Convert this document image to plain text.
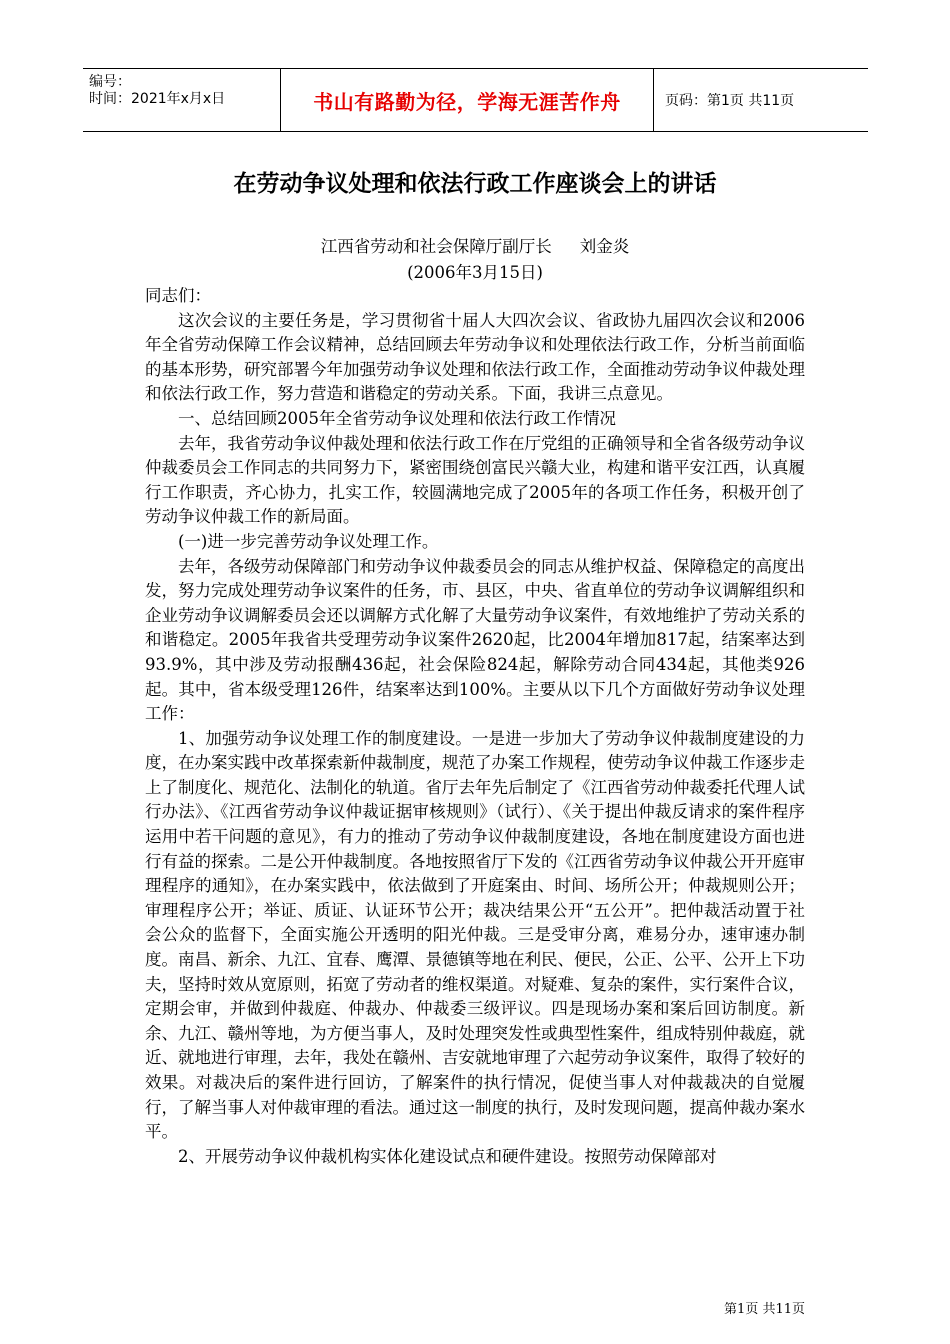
编号：
时间：2021年x月x日	书山有路勤为径，学海无涯苦作舟	页码：第1页 共11页
在劳动争议处理和依法行政工作座谈会上的讲话
江西省劳动和社会保障厅副厅长 刘金炎
(2006年3月15日)

同志们：

这次会议的主要任务是，学习贯彻省十届人大四次会议、省政协九届四次会议和2006年全省劳动保障工作会议精神，总结回顾去年劳动争议和处理依法行政工作，分析当前面临的基本形势，研究部署今年加强劳动争议处理和依法行政工作，全面推动劳动争议仲裁处理和依法行政工作，努力营造和谐稳定的劳动关系。下面，我讲三点意见。

一、总结回顾2005年全省劳动争议处理和依法行政工作情况

去年，我省劳动争议仲裁处理和依法行政工作在厅党组的正确领导和全省各级劳动争议仲裁委员会工作同志的共同努力下，紧密围绕创富民兴赣大业，构建和谐平安江西，认真履行工作职责，齐心协力，扎实工作，较圆满地完成了2005年的各项工作任务，积极开创了劳动争议仲裁工作的新局面。

(一)进一步完善劳动争议处理工作。

去年，各级劳动保障部门和劳动争议仲裁委员会的同志从维护权益、保障稳定的高度出发，努力完成处理劳动争议案件的任务，市、县区，中央、省直单位的劳动争议调解组织和企业劳动争议调解委员会还以调解方式化解了大量劳动争议案件，有效地维护了劳动关系的和谐稳定。2005年我省共受理劳动争议案件2620起，比2004年增加817起，结案率达到93.9%，其中涉及劳动报酬436起，社会保险824起，解除劳动合同434起，其他类926起。其中，省本级受理126件，结案率达到100%。主要从以下几个方面做好劳动争议处理工作：

1、加强劳动争议处理工作的制度建设。一是进一步加大了劳动争议仲裁制度建设的力度，在办案实践中改革探索新仲裁制度，规范了办案工作规程，使劳动争议仲裁工作逐步走上了制度化、规范化、法制化的轨道。省厅去年先后制定了《江西省劳动仲裁委托代理人试行办法》、《江西省劳动争议仲裁证据审核规则》（试行）、《关于提出仲裁反请求的案件程序运用中若干问题的意见》，有力的推动了劳动争议仲裁制度建设，各地在制度建设方面也进行有益的探索。二是公开仲裁制度。各地按照省厅下发的《江西省劳动争议仲裁公开开庭审理程序的通知》，在办案实践中，依法做到了开庭案由、时间、场所公开；仲裁规则公开；审理程序公开；举证、质证、认证环节公开；裁决结果公开“五公开”。把仲裁活动置于社会公众的监督下，全面实施公开透明的阳光仲裁。三是受审分离，难易分办，速审速办制度。南昌、新余、九江、宜春、鹰潭、景德镇等地在利民、便民，公正、公平、公开上下功夫，坚持时效从宽原则，拓宽了劳动者的维权渠道。对疑难、复杂的案件，实行案件合议，定期会审，并做到仲裁庭、仲裁办、仲裁委三级评议。四是现场办案和案后回访制度。新余、九江、赣州等地，为方便当事人，及时处理突发性或典型性案件，组成特别仲裁庭，就近、就地进行审理，去年，我处在赣州、吉安就地审理了六起劳动争议案件，取得了较好的效果。对裁决后的案件进行回访，了解案件的执行情况，促使当事人对仲裁裁决的自觉履行，了解当事人对仲裁审理的看法。通过这一制度的执行，及时发现问题，提高仲裁办案水平。

2、开展劳动争议仲裁机构实体化建设试点和硬件建设。按照劳动保障部对

第1页 共11页
